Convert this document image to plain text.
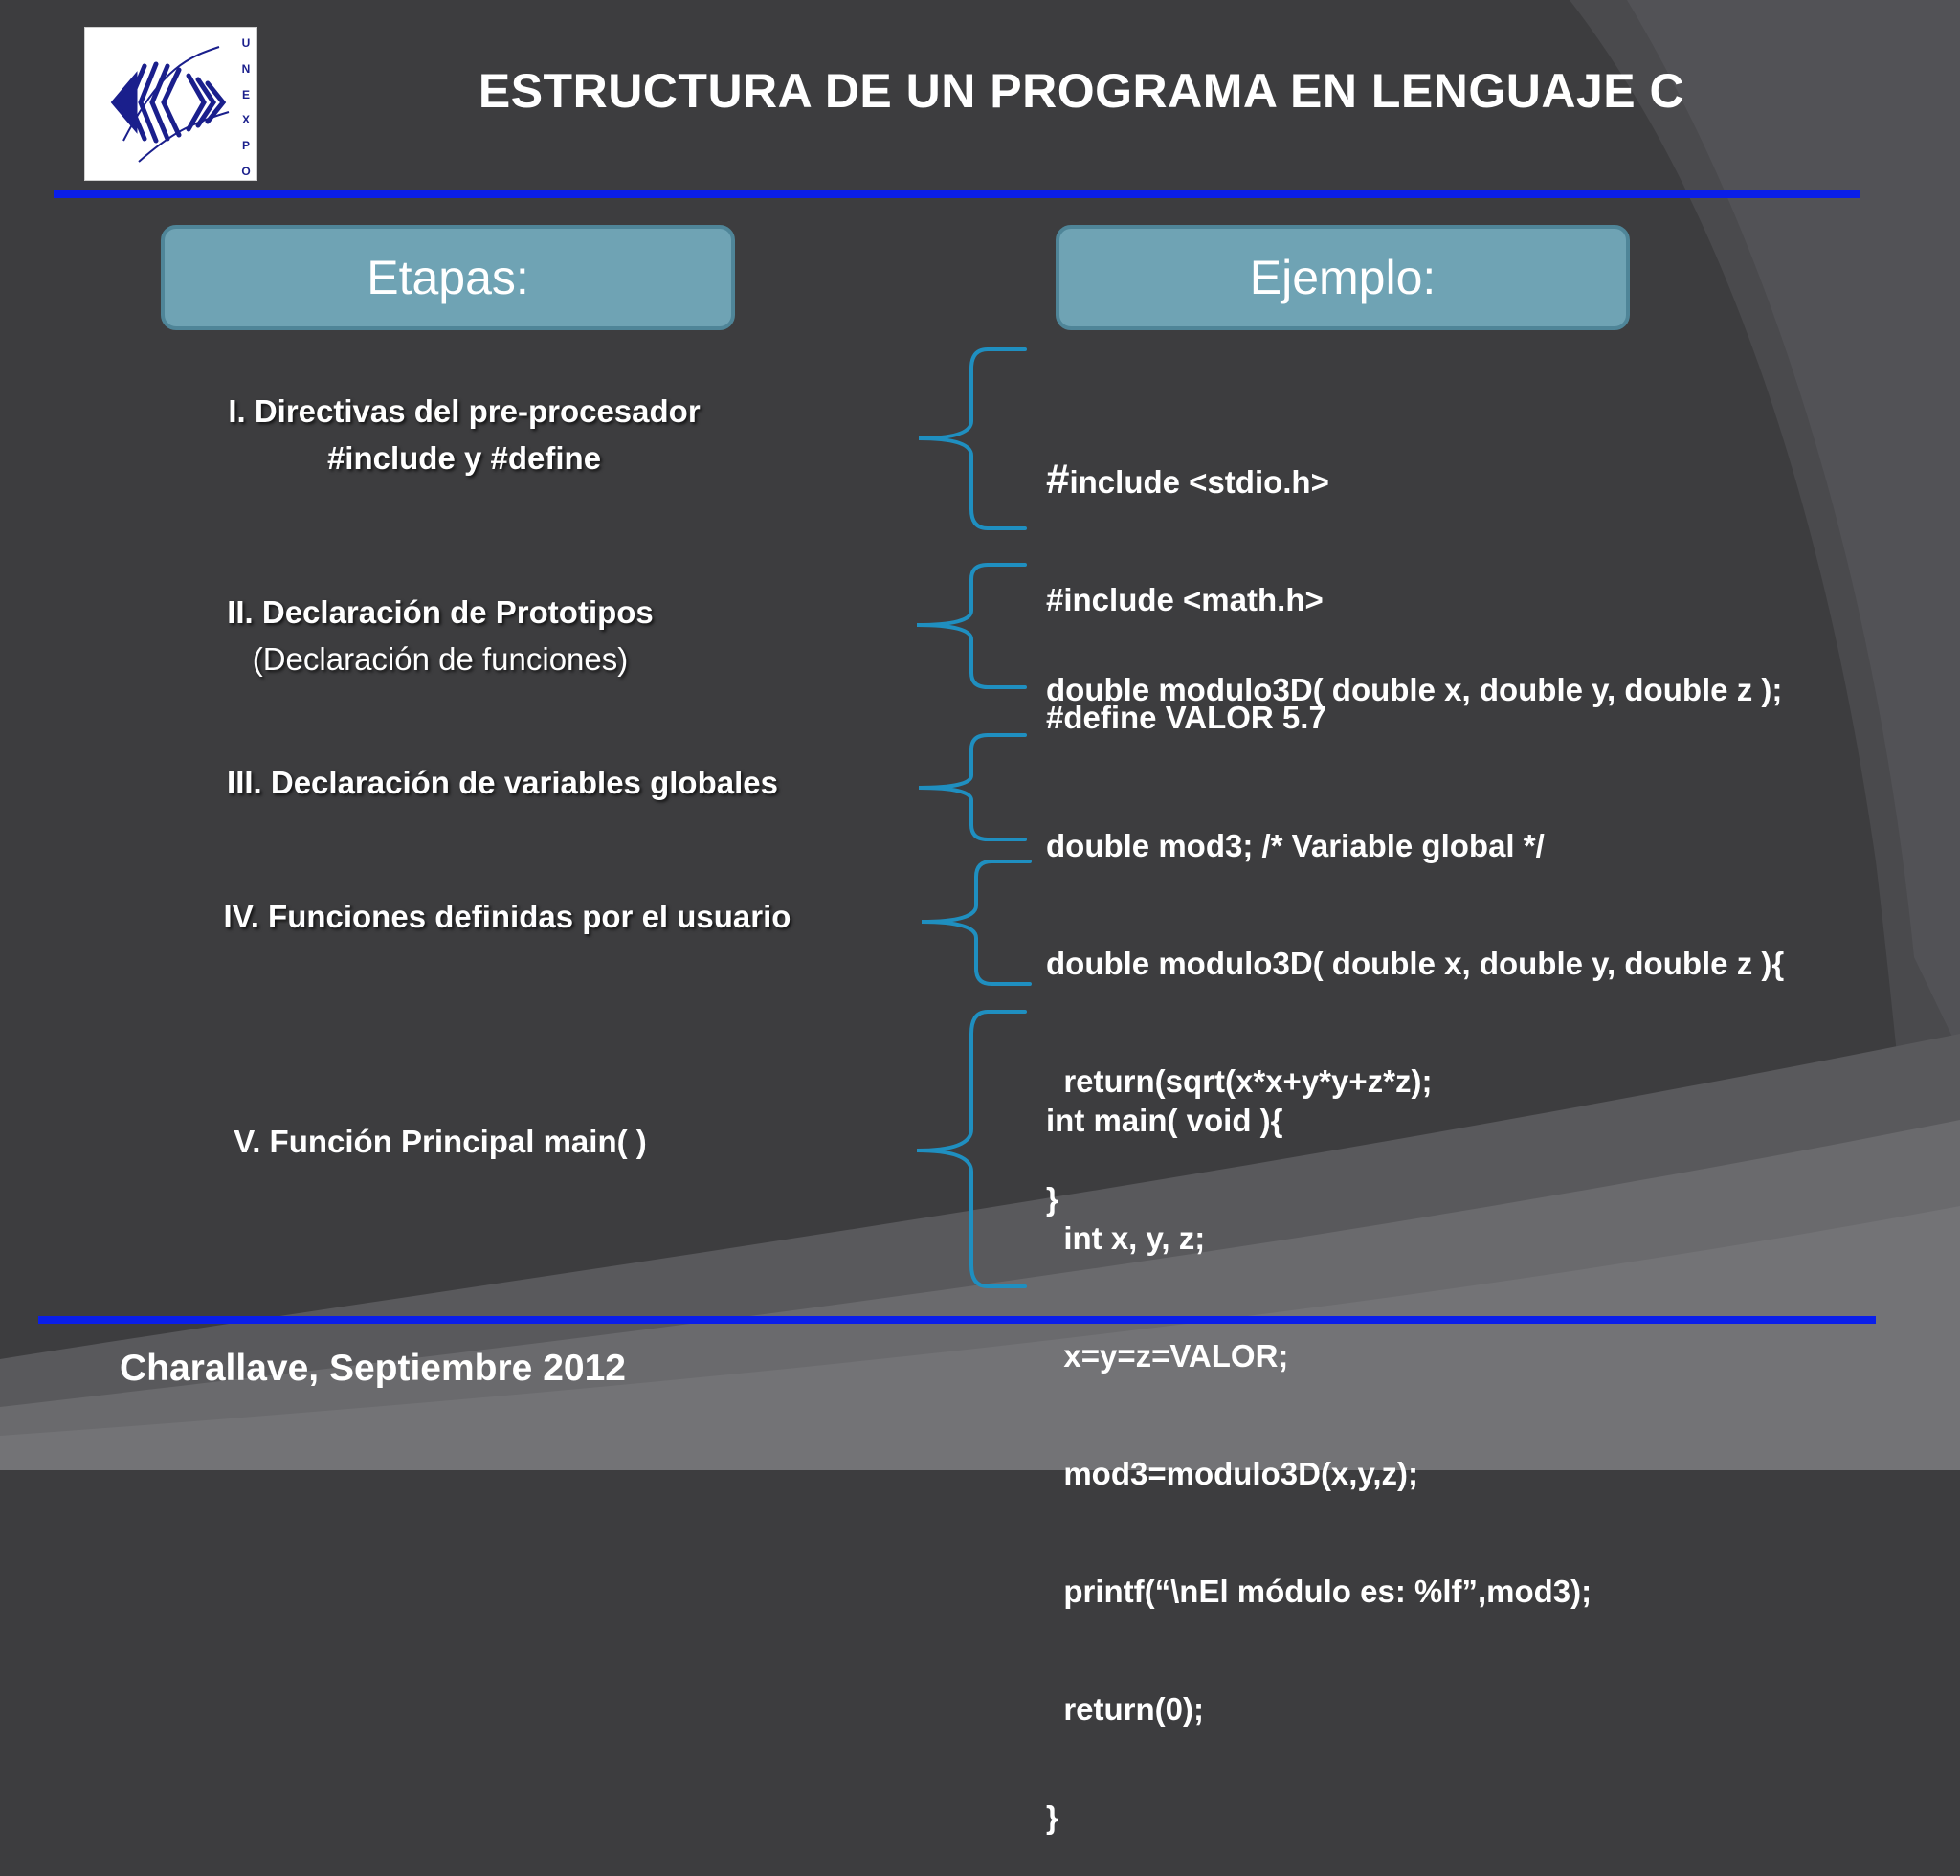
U
N
E
X
P
O
ESTRUCTURA DE UN PROGRAMA EN LENGUAJE C
Etapas:	Ejemplo:
I. Directivas del pre-procesador
#include y #define
II. Declaración de Prototipos
(Declaración de funciones)
III. Declaración de variables globales
IV. Funciones definidas por el usuario
V. Función Principal main( )

#include <stdio.h>

#include <math.h>

#define VALOR 5.7

double modulo3D( double x, double y, double z );

double mod3; /* Variable global */

double modulo3D( double x, double y, double z ){

return(sqrt(x*x+y*y+z*z);

}

int main( void ){

int x, y, z;

x=y=z=VALOR;

mod3=modulo3D(x,y,z);

printf(“\nEl módulo es: %lf”,mod3);

return(0);

}

Charallave, Septiembre 2012
